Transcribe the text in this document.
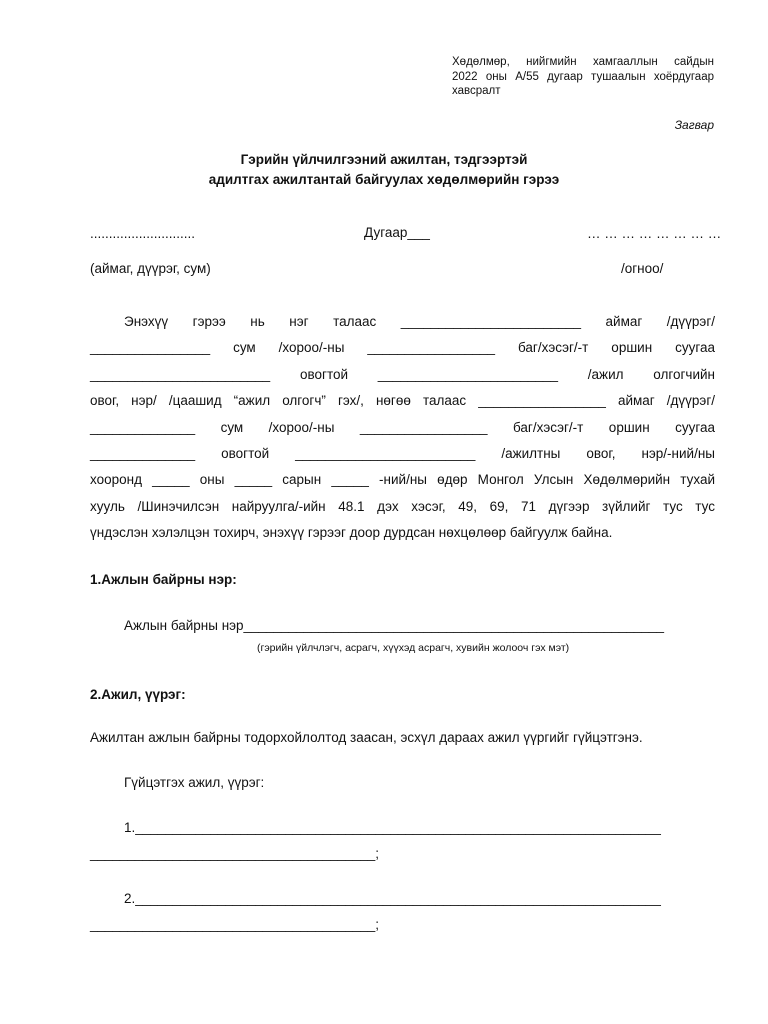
Хөдөлмөр, нийгмийн хамгааллын сайдын
2022 оны А/55 дугаар тушаалын хоёрдугаар
хавсралт
Загвар
Гэрийн үйлчилгээний ажилтан, тэдгээртэй
адилтгах ажилтантай байгуулах хөдөлмөрийн гэрээ
............................	Дугаар___	… … … … … … … …
(аймаг, дүүрэг, сум)	/огноо/
Энэхүү гэрээ нь нэг талаас ________________________ аймаг /дүүрэг/
________________ сум /хороо/-ны _________________ баг/хэсэг/-т оршин суугаа
________________________ овогтой ________________________ /ажил олгогчийн
овог, нэр/ /цаашид “ажил олгогч” гэх/, нөгөө талаас _________________ аймаг /дүүрэг/
______________ сум /хороо/-ны _________________ баг/хэсэг/-т оршин суугаа
______________ овогтой ________________________ /ажилтны овог, нэр/-ний/ны
хооронд _____ оны _____ сарын _____ -ний/ны өдөр Монгол Улсын Хөдөлмөрийн тухай
хууль /Шинэчилсэн найруулга/-ийн 48.1 дэх хэсэг, 49, 69, 71 дүгээр зүйлийг тус тус
үндэслэн хэлэлцэн тохирч, энэхүү гэрээг доор дурдсан нөхцөлөөр байгуулж байна.
1.Ажлын байрны нэр:
Ажлын байрны нэр________________________________________________________
(гэрийн үйлчлэгч, асрагч, хүүхэд асрагч, хувийн жолооч гэх мэт)
2.Ажил, үүрэг:
Ажилтан ажлын байрны тодорхойлолтод заасан, эсхүл дараах ажил үүргийг гүйцэтгэнэ.
Гүйцэтгэх ажил, үүрэг:
1.______________________________________________________________________
______________________________________;
2.______________________________________________________________________
______________________________________;
